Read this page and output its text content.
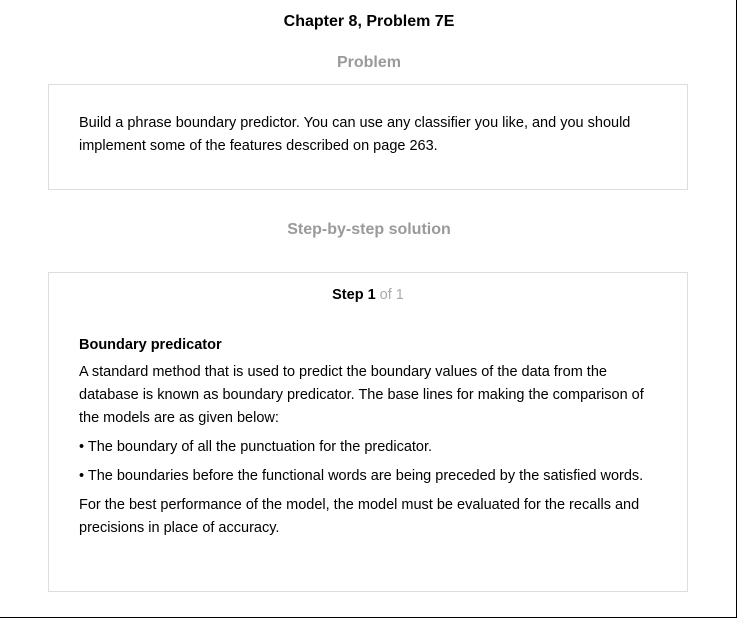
Chapter 8, Problem 7E
Problem
Build a phrase boundary predictor. You can use any classifier you like, and you should implement some of the features described on page 263.
Step-by-step solution
Step 1 of 1
Boundary predicator
A standard method that is used to predict the boundary values of the data from the database is known as boundary predicator. The base lines for making the comparison of the models are as given below:
• The boundary of all the punctuation for the predicator.
• The boundaries before the functional words are being preceded by the satisfied words.
For the best performance of the model, the model must be evaluated for the recalls and precisions in place of accuracy.
